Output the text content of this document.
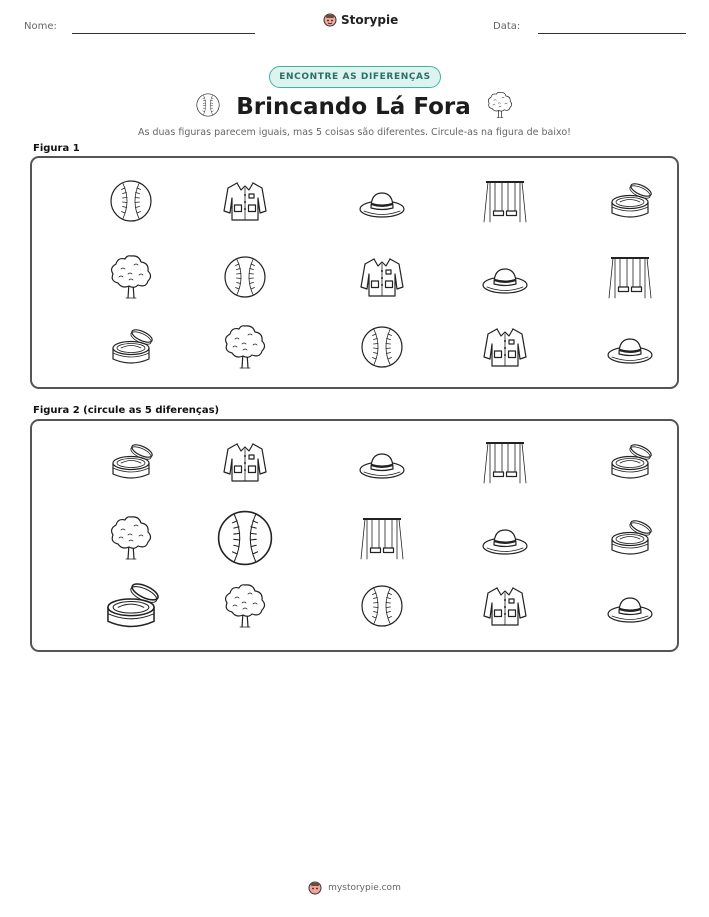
Nome:	Storypie	Data:
ENCONTRE AS DIFERENÇAS
Brincando Lá Fora
As duas figuras parecem iguais, mas 5 coisas são diferentes. Circule-as na figura de baixo!
Figura 1
Figura 2 (circule as 5 diferenças)
mystorypie.com
